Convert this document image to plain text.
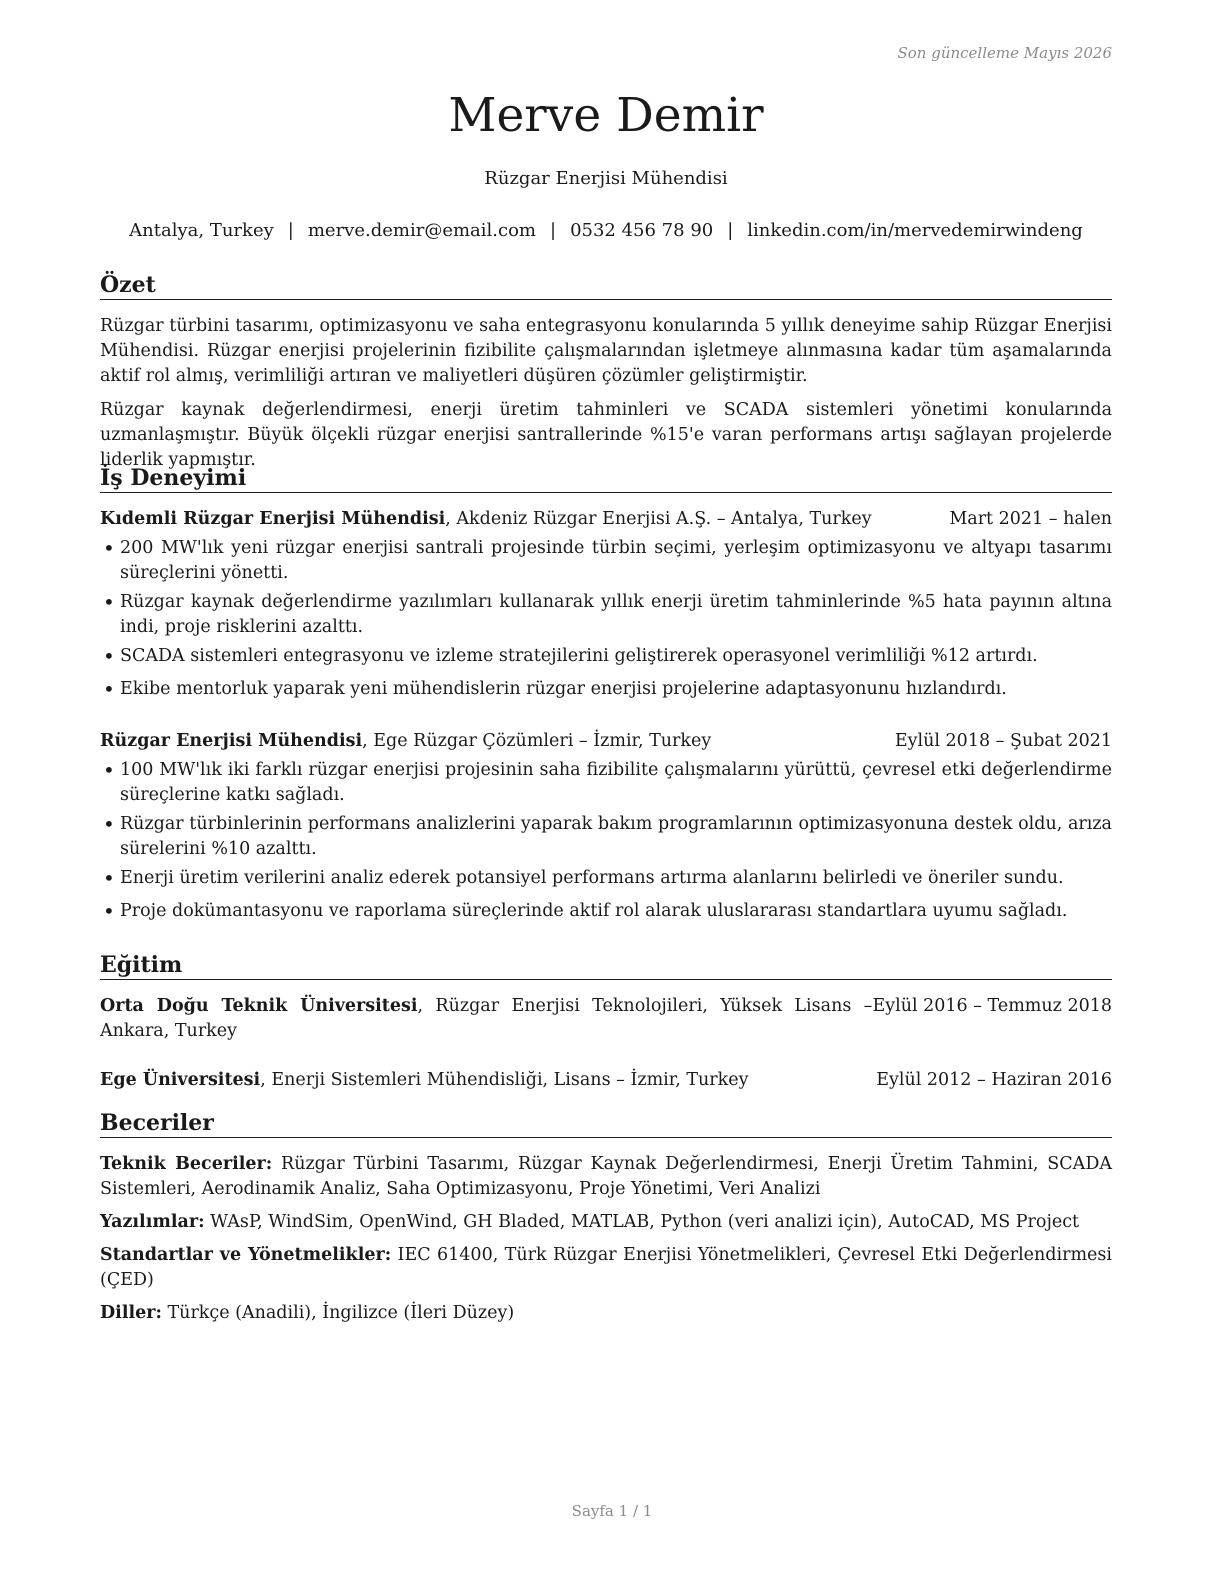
Son güncelleme Mayıs 2026
Merve Demir
Rüzgar Enerjisi Mühendisi
Antalya, Turkey | merve.demir@email.com | 0532 456 78 90 | linkedin.com/in/mervedemirwindeng
Özet

Rüzgar türbini tasarımı, optimizasyonu ve saha entegrasyonu konularında 5 yıllık deneyime sahip Rüzgar Enerjisi Mühendisi. Rüzgar enerjisi projelerinin fizibilite çalışmalarından işletmeye alınmasına kadar tüm aşamalarında aktif rol almış, verimliliği artıran ve maliyetleri düşüren çözümler geliştirmiştir.

Rüzgar kaynak değerlendirmesi, enerji üretim tahminleri ve SCADA sistemleri yönetimi konularında uzmanlaşmıştır. Büyük ölçekli rüzgar enerjisi santrallerinde %15'e varan performans artışı sağlayan projelerde liderlik yapmıştır.

İş Deneyimi
Kıdemli Rüzgar Enerjisi Mühendisi, Akdeniz Rüzgar Enerjisi A.Ş. – Antalya, Turkey	Mart 2021 – halen
• 200 MW'lık yeni rüzgar enerjisi santrali projesinde türbin seçimi, yerleşim optimizasyonu ve altyapı tasarımı süreçlerini yönetti.
• Rüzgar kaynak değerlendirme yazılımları kullanarak yıllık enerji üretim tahminlerinde %5 hata payının altına indi, proje risklerini azalttı.
• SCADA sistemleri entegrasyonu ve izleme stratejilerini geliştirerek operasyonel verimliliği %12 artırdı.
• Ekibe mentorluk yaparak yeni mühendislerin rüzgar enerjisi projelerine adaptasyonunu hızlandırdı.
Rüzgar Enerjisi Mühendisi, Ege Rüzgar Çözümleri – İzmir, Turkey	Eylül 2018 – Şubat 2021
• 100 MW'lık iki farklı rüzgar enerjisi projesinin saha fizibilite çalışmalarını yürüttü, çevresel etki değerlendirme süreçlerine katkı sağladı.
• Rüzgar türbinlerinin performans analizlerini yaparak bakım programlarının optimizasyonuna destek oldu, arıza sürelerini %10 azalttı.
• Enerji üretim verilerini analiz ederek potansiyel performans artırma alanlarını belirledi ve öneriler sundu.
• Proje dokümantasyonu ve raporlama süreçlerinde aktif rol alarak uluslararası standartlara uyumu sağladı.
Eğitim
Orta Doğu Teknik Üniversitesi, Rüzgar Enerjisi Teknolojileri, Yüksek Lisans – Ankara, Turkey
Eylül 2016 – Temmuz 2018
Ege Üniversitesi, Enerji Sistemleri Mühendisliği, Lisans – İzmir, Turkey	Eylül 2012 – Haziran 2016
Beceriler
Teknik Beceriler: Rüzgar Türbini Tasarımı, Rüzgar Kaynak Değerlendirmesi, Enerji Üretim Tahmini, SCADA Sistemleri, Aerodinamik Analiz, Saha Optimizasyonu, Proje Yönetimi, Veri Analizi
Yazılımlar: WAsP, WindSim, OpenWind, GH Bladed, MATLAB, Python (veri analizi için), AutoCAD, MS Project
Standartlar ve Yönetmelikler: IEC 61400, Türk Rüzgar Enerjisi Yönetmelikleri, Çevresel Etki Değerlendirmesi (ÇED)
Diller: Türkçe (Anadili), İngilizce (İleri Düzey)
Sayfa 1 / 1
